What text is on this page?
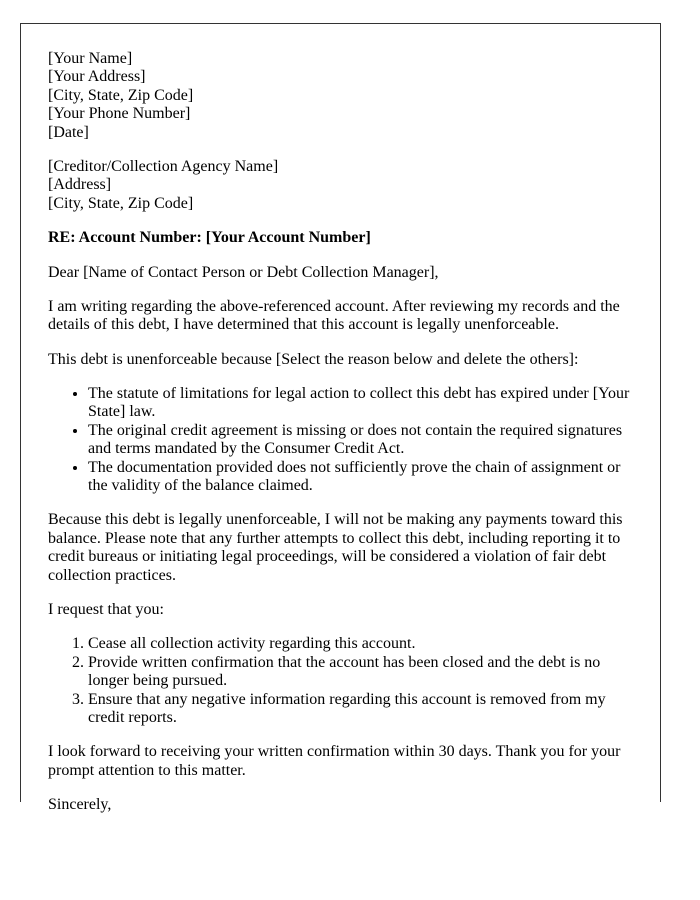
[Your Name]
[Your Address]
[City, State, Zip Code]
[Your Phone Number]
[Date]

[Creditor/Collection Agency Name]
[Address]
[City, State, Zip Code]

RE: Account Number: [Your Account Number]

Dear [Name of Contact Person or Debt Collection Manager],

I am writing regarding the above-referenced account. After reviewing my records and the details of this debt, I have determined that this account is legally unenforceable.

This debt is unenforceable because [Select the reason below and delete the others]:

• The statute of limitations for legal action to collect this debt has expired under [Your State] law.
• The original credit agreement is missing or does not contain the required signatures and terms mandated by the Consumer Credit Act.
• The documentation provided does not sufficiently prove the chain of assignment or the validity of the balance claimed.

Because this debt is legally unenforceable, I will not be making any payments toward this balance. Please note that any further attempts to collect this debt, including reporting it to credit bureaus or initiating legal proceedings, will be considered a violation of fair debt collection practices.

I request that you:

1. Cease all collection activity regarding this account.
2. Provide written confirmation that the account has been closed and the debt is no longer being pursued.
3. Ensure that any negative information regarding this account is removed from my credit reports.

I look forward to receiving your written confirmation within 30 days. Thank you for your prompt attention to this matter.

Sincerely,
